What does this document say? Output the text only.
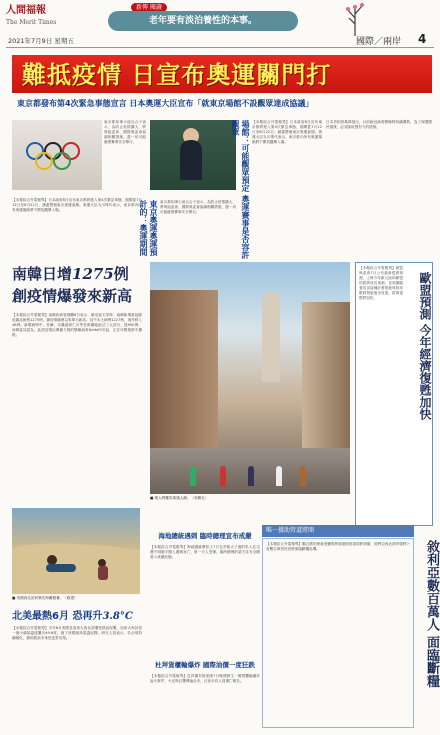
人間福報
The Merit Times
新傳 閱讀
老年要有淡泊養性的本事。
2021年7月9日 星期五	國際／兩岸 4
難抵疫情 日宣布奧運關門打
東京都發布第4次緊急事態宣言 日本奧運大臣宣布「就東京場館不設觀眾達成協議」
東京都知事小池百合子表示，為防止疫情擴大，將與組委會、國際奧委會協調相關措施，盡一切可能確保賽事安全舉行。	場館：可能觀眾預定 奧運賽事是否容許觀眾
東京奧運奧運預計的：奧運期間
【本報綜合外電報導】日本政府8日宣布東京都將進入第4次緊急事態，期間從7月12日至8月22日，涵蓋整個東京奧運會期。奧運大臣丸川珠代表示，東京都內所有奧運場館將不開放觀眾入場。
日本首相菅義偉指出，目前新冠病毒變種株持續擴散，為了保護國民健康，必須採取強有力的措施。
【本報綜合外電報導】日本政府8日宣布東京都將進入第4次緊急事態，期間從7月12日至8月22日，涵蓋整個東京奧運會期。奧運大臣丸川珠代表示，東京都內所有奧運場館將不開放觀眾入場。
東京都知事小池百合子表示，為防止疫情擴大，將與組委會、國際奧委會協調相關措施，盡一切可能確保賽事安全舉行。
南韓日增1275例
創疫情爆發來新高
【本報綜合外電報導】南韓疾病管理廳8日表示，截至當天零時，南韓新增新冠肺炎確診病例1275例，創疫情爆發以來單日新高。其中本土病例1227例，境外移入48例。新增病例中，首爾、京畿道和仁川等首都圈地區佔了大部分，達990例。南韓當局認為，此波疫情由傳播力強的變種病毒Delta所引起，正在年輕族群中擴散。
■ 義大利羅馬街頭人潮。（美聯社）
歐盟預測 今年經濟復甦加快
【本報綜合外電報導】歐盟執委會7日公布最新經濟預測，上修今年歐元區和歐盟的經濟成長預測，並預期隨著疫苗接種計畫推進與防疫限制措施逐步放寬，經濟復甦將加快。
■ 美國西北部民眾在海灘避暑。（路透）
北美最熱6月 恐再升3.8°C
【本報綜合外電報導】今年6月美國及加拿大西北部遭受熱浪侵襲，加拿大卑詩省一個小鎮氣溫達攝氏49.6度，創下該國最高氣溫紀錄。研究人員表示，若全球持續暖化，類似熱浪未來恐更常出現。
海地總統遇刺 臨時總理宣布戒嚴
【本報綜合外電報導】海地總統摩依士7日在首都太子港的私人住宅遭不明槍手闖入遇刺身亡，第一夫人受傷。臨時總理約瑟夫宣布全國進入戒嚴狀態。
杜拜貨櫃輪爆炸 國際油價一度狂跌
【本報綜合外電報導】杜拜傑貝阿里港7日晚間發生一艘貨櫃輪爆炸起火事件，火光與巨響傳遍全市，目前未有人員傷亡報告。
唯一援助管道將開
【本報綜合外電報導】聯合國安理會授權的跨境援助管道即將到期，敘利亞西北部伊德利卜省數百萬居民恐將面臨斷糧危機。	敘利亞數百萬人 面臨斷糧
